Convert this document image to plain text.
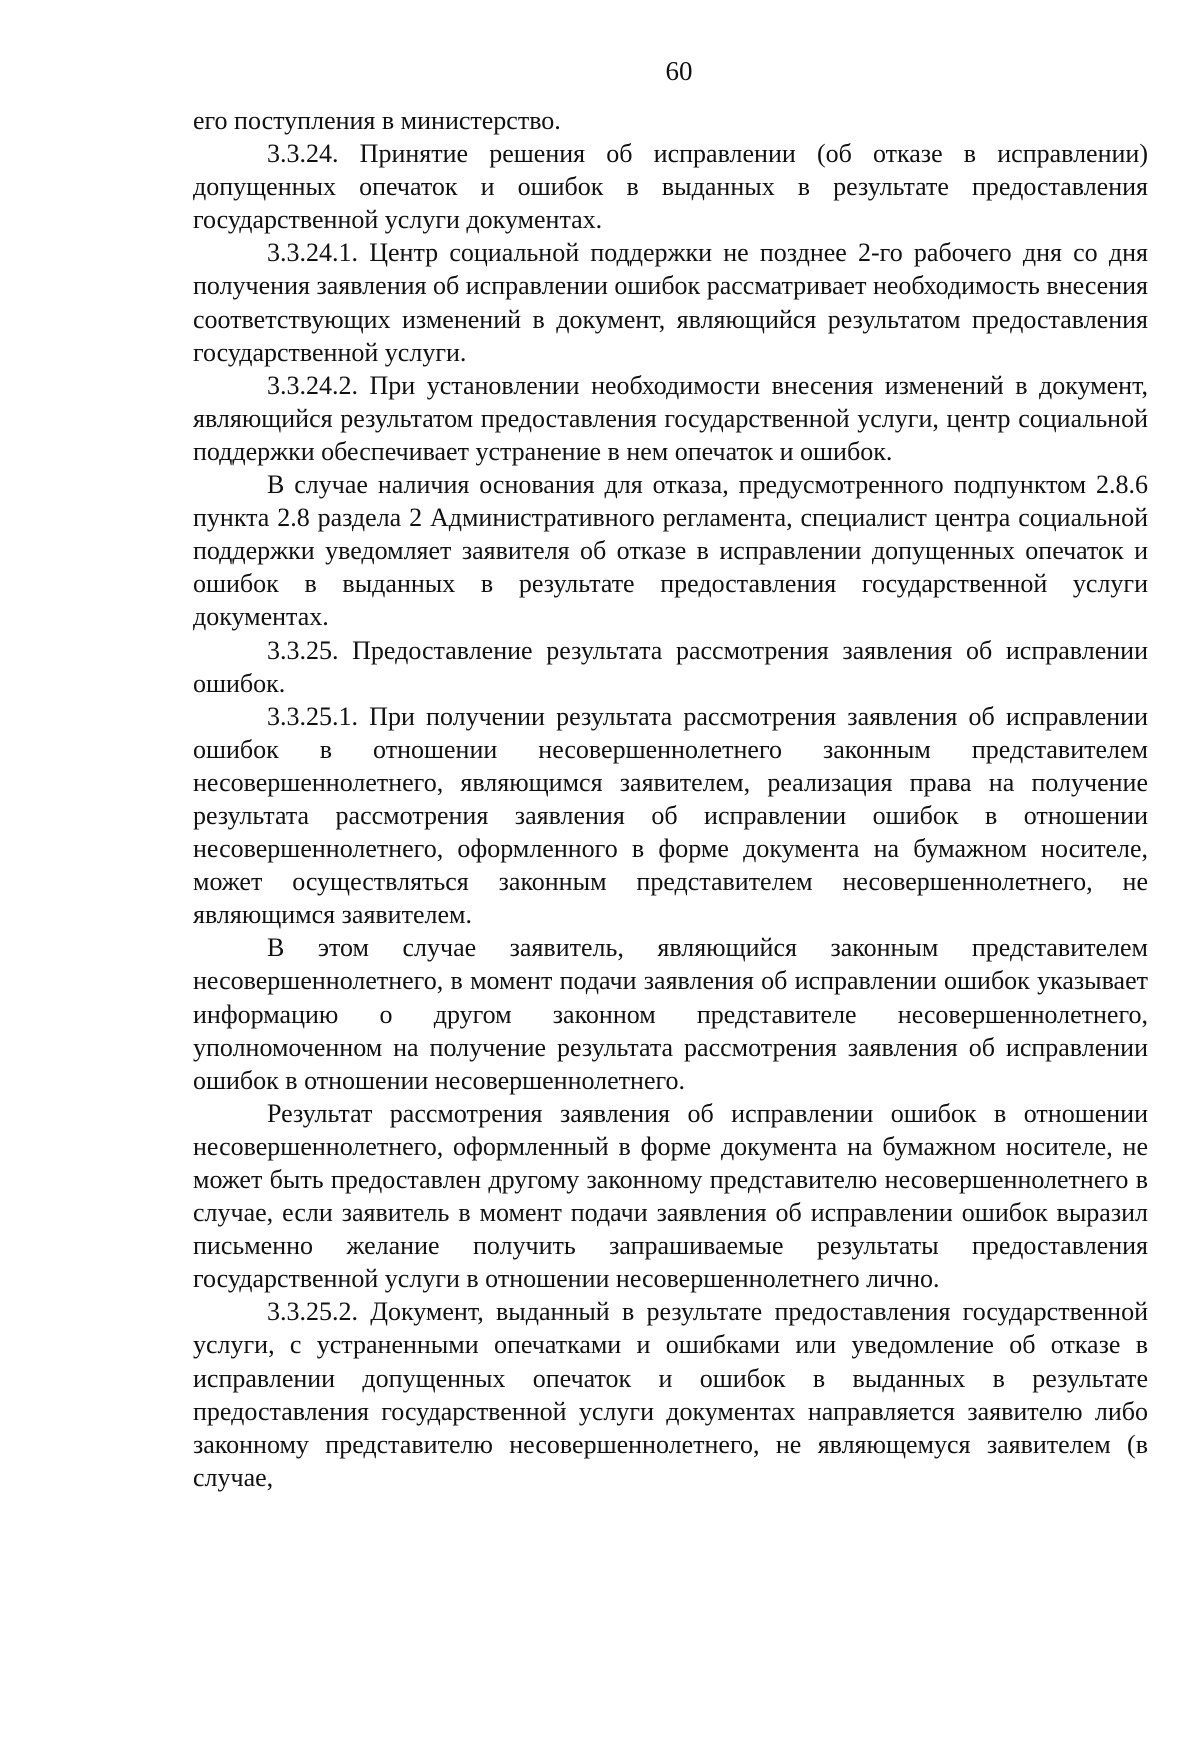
60

его поступления в министерство.

3.3.24. Принятие решения об исправлении (об отказе в исправлении) допущенных опечаток и ошибок в выданных в результате предоставления государственной услуги документах.

3.3.24.1. Центр социальной поддержки не позднее 2-го рабочего дня со дня получения заявления об исправлении ошибок рассматривает необходимость внесения соответствующих изменений в документ, являющийся результатом предоставления государственной услуги.

3.3.24.2. При установлении необходимости внесения изменений в документ, являющийся результатом предоставления государственной услуги, центр социальной поддержки обеспечивает устранение в нем опечаток и ошибок.

В случае наличия основания для отказа, предусмотренного подпунктом 2.8.6 пункта 2.8 раздела 2 Административного регламента, специалист центра социальной поддержки уведомляет заявителя об отказе в исправлении допущенных опечаток и ошибок в выданных в результате предоставления государственной услуги документах.

3.3.25. Предоставление результата рассмотрения заявления об исправлении ошибок.

3.3.25.1. При получении результата рассмотрения заявления об исправлении ошибок в отношении несовершеннолетнего законным представителем несовершеннолетнего, являющимся заявителем, реализация права на получение результата рассмотрения заявления об исправлении ошибок в отношении несовершеннолетнего, оформленного в форме документа на бумажном носителе, может осуществляться законным представителем несовершеннолетнего, не являющимся заявителем.

В этом случае заявитель, являющийся законным представителем несовершеннолетнего, в момент подачи заявления об исправлении ошибок указывает информацию о другом законном представителе несовершеннолетнего, уполномоченном на получение результата рассмотрения заявления об исправлении ошибок в отношении несовершеннолетнего.

Результат рассмотрения заявления об исправлении ошибок в отношении несовершеннолетнего, оформленный в форме документа на бумажном носителе, не может быть предоставлен другому законному представителю несовершеннолетнего в случае, если заявитель в момент подачи заявления об исправлении ошибок выразил письменно желание получить запрашиваемые результаты предоставления государственной услуги в отношении несовершеннолетнего лично.

3.3.25.2. Документ, выданный в результате предоставления государственной услуги, с устраненными опечатками и ошибками или уведомление об отказе в исправлении допущенных опечаток и ошибок в выданных в результате предоставления государственной услуги документах направляется заявителю либо законному представителю несовершеннолетнего, не являющемуся заявителем (в случае,
